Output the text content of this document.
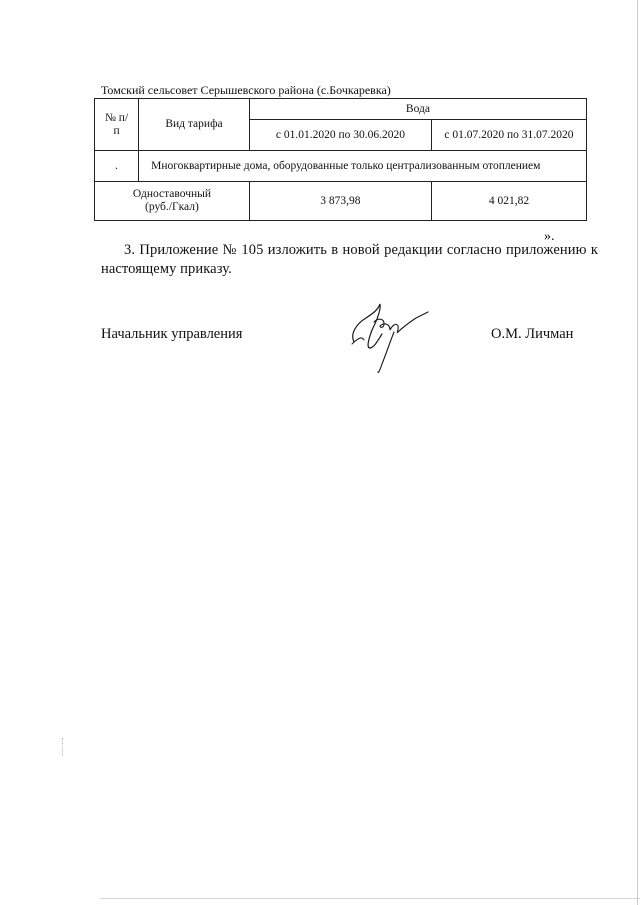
Томский сельсовет Серышевского района (с.Бочкаревка)
№ п/п	Вид тарифа	Вода	
		с 01.01.2020 по 30.06.2020	с 01.07.2020 по 31.07.2020
.	Многоквартирные дома, оборудованные только централизованным отоплением		
Одноставочный
(руб./Гкал)		3 873,98	4 021,82
».
3. Приложение № 105 изложить в новой редакции согласно приложению к настоящему приказу.
Начальник управления	О.М. Личман
